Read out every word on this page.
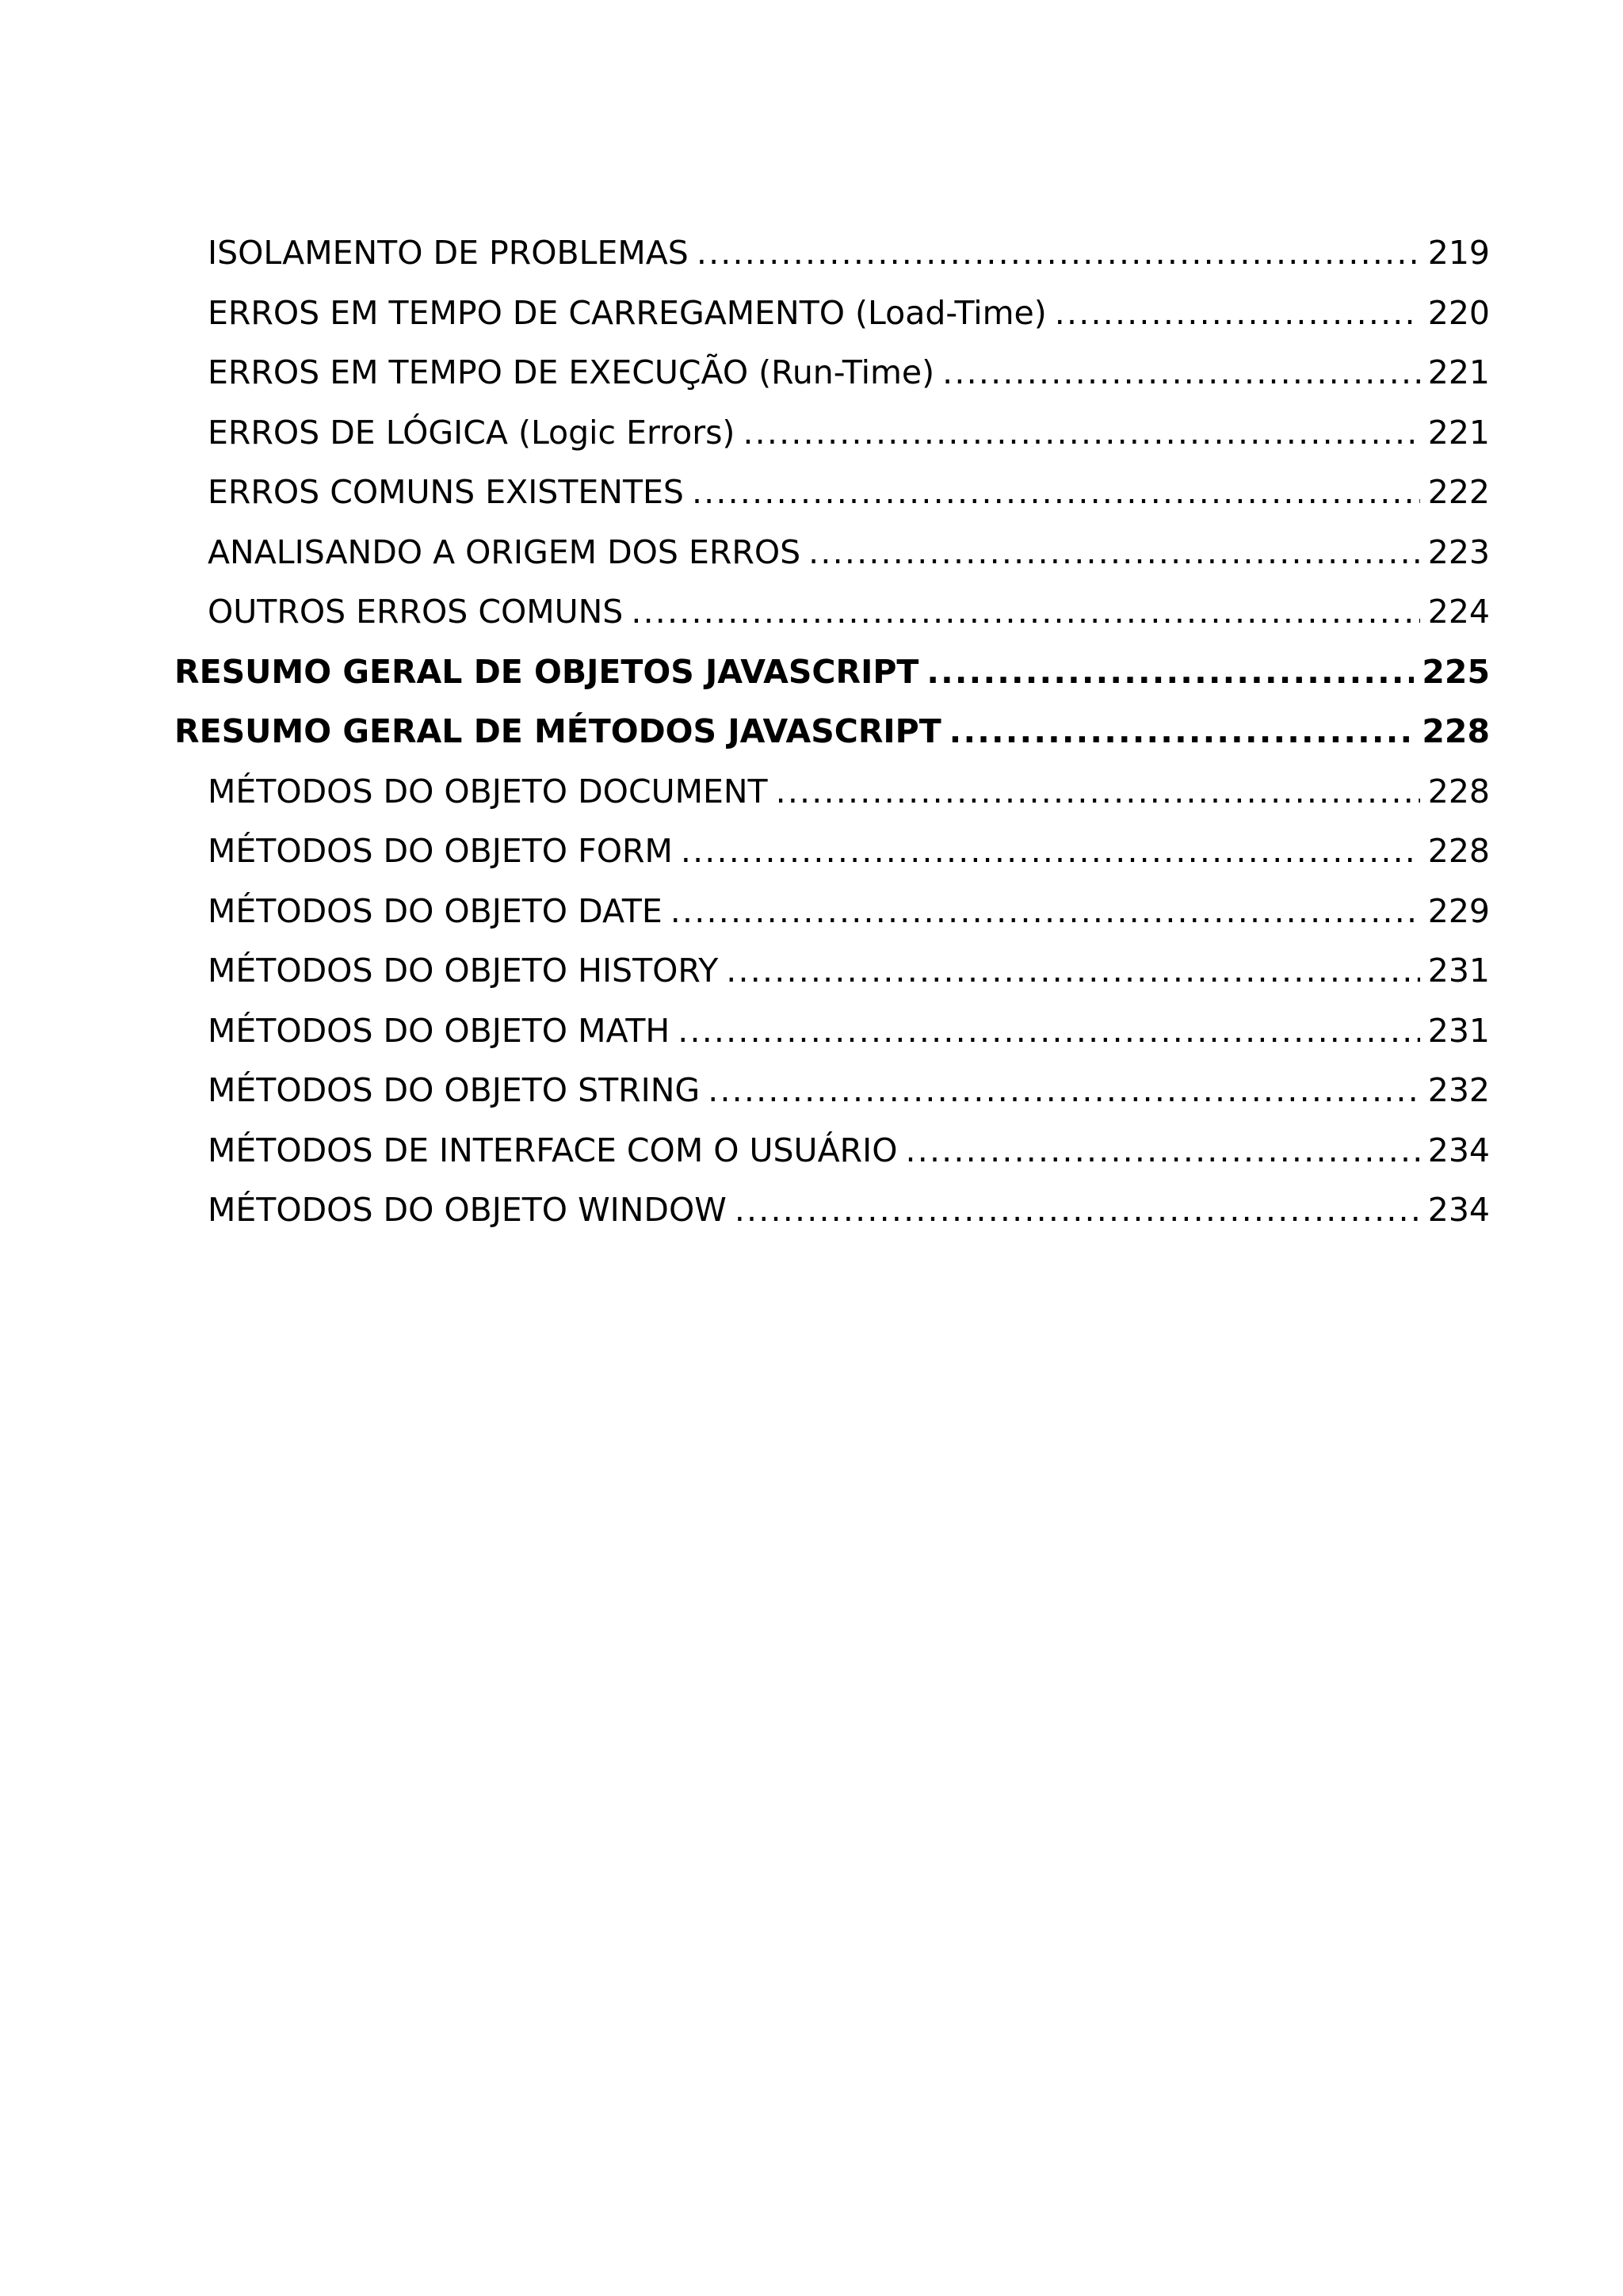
ISOLAMENTO DE PROBLEMAS .....	219
ERROS EM TEMPO DE CARREGAMENTO (Load-Time) .....	220
ERROS EM TEMPO DE EXECUÇÃO (Run-Time) .....	221
ERROS DE LÓGICA (Logic Errors) .....	221
ERROS COMUNS EXISTENTES .....	222
ANALISANDO A ORIGEM DOS ERROS .....	223
OUTROS ERROS COMUNS .....	224
RESUMO GERAL DE OBJETOS JAVASCRIPT .....	225
RESUMO GERAL DE MÉTODOS JAVASCRIPT .....	228
MÉTODOS DO OBJETO DOCUMENT .....	228
MÉTODOS DO OBJETO FORM .....	228
MÉTODOS DO OBJETO DATE .....	229
MÉTODOS DO OBJETO HISTORY .....	231
MÉTODOS DO OBJETO MATH .....	231
MÉTODOS DO OBJETO STRING .....	232
MÉTODOS DE INTERFACE COM O USUÁRIO .....	234
MÉTODOS DO OBJETO WINDOW .....	234
